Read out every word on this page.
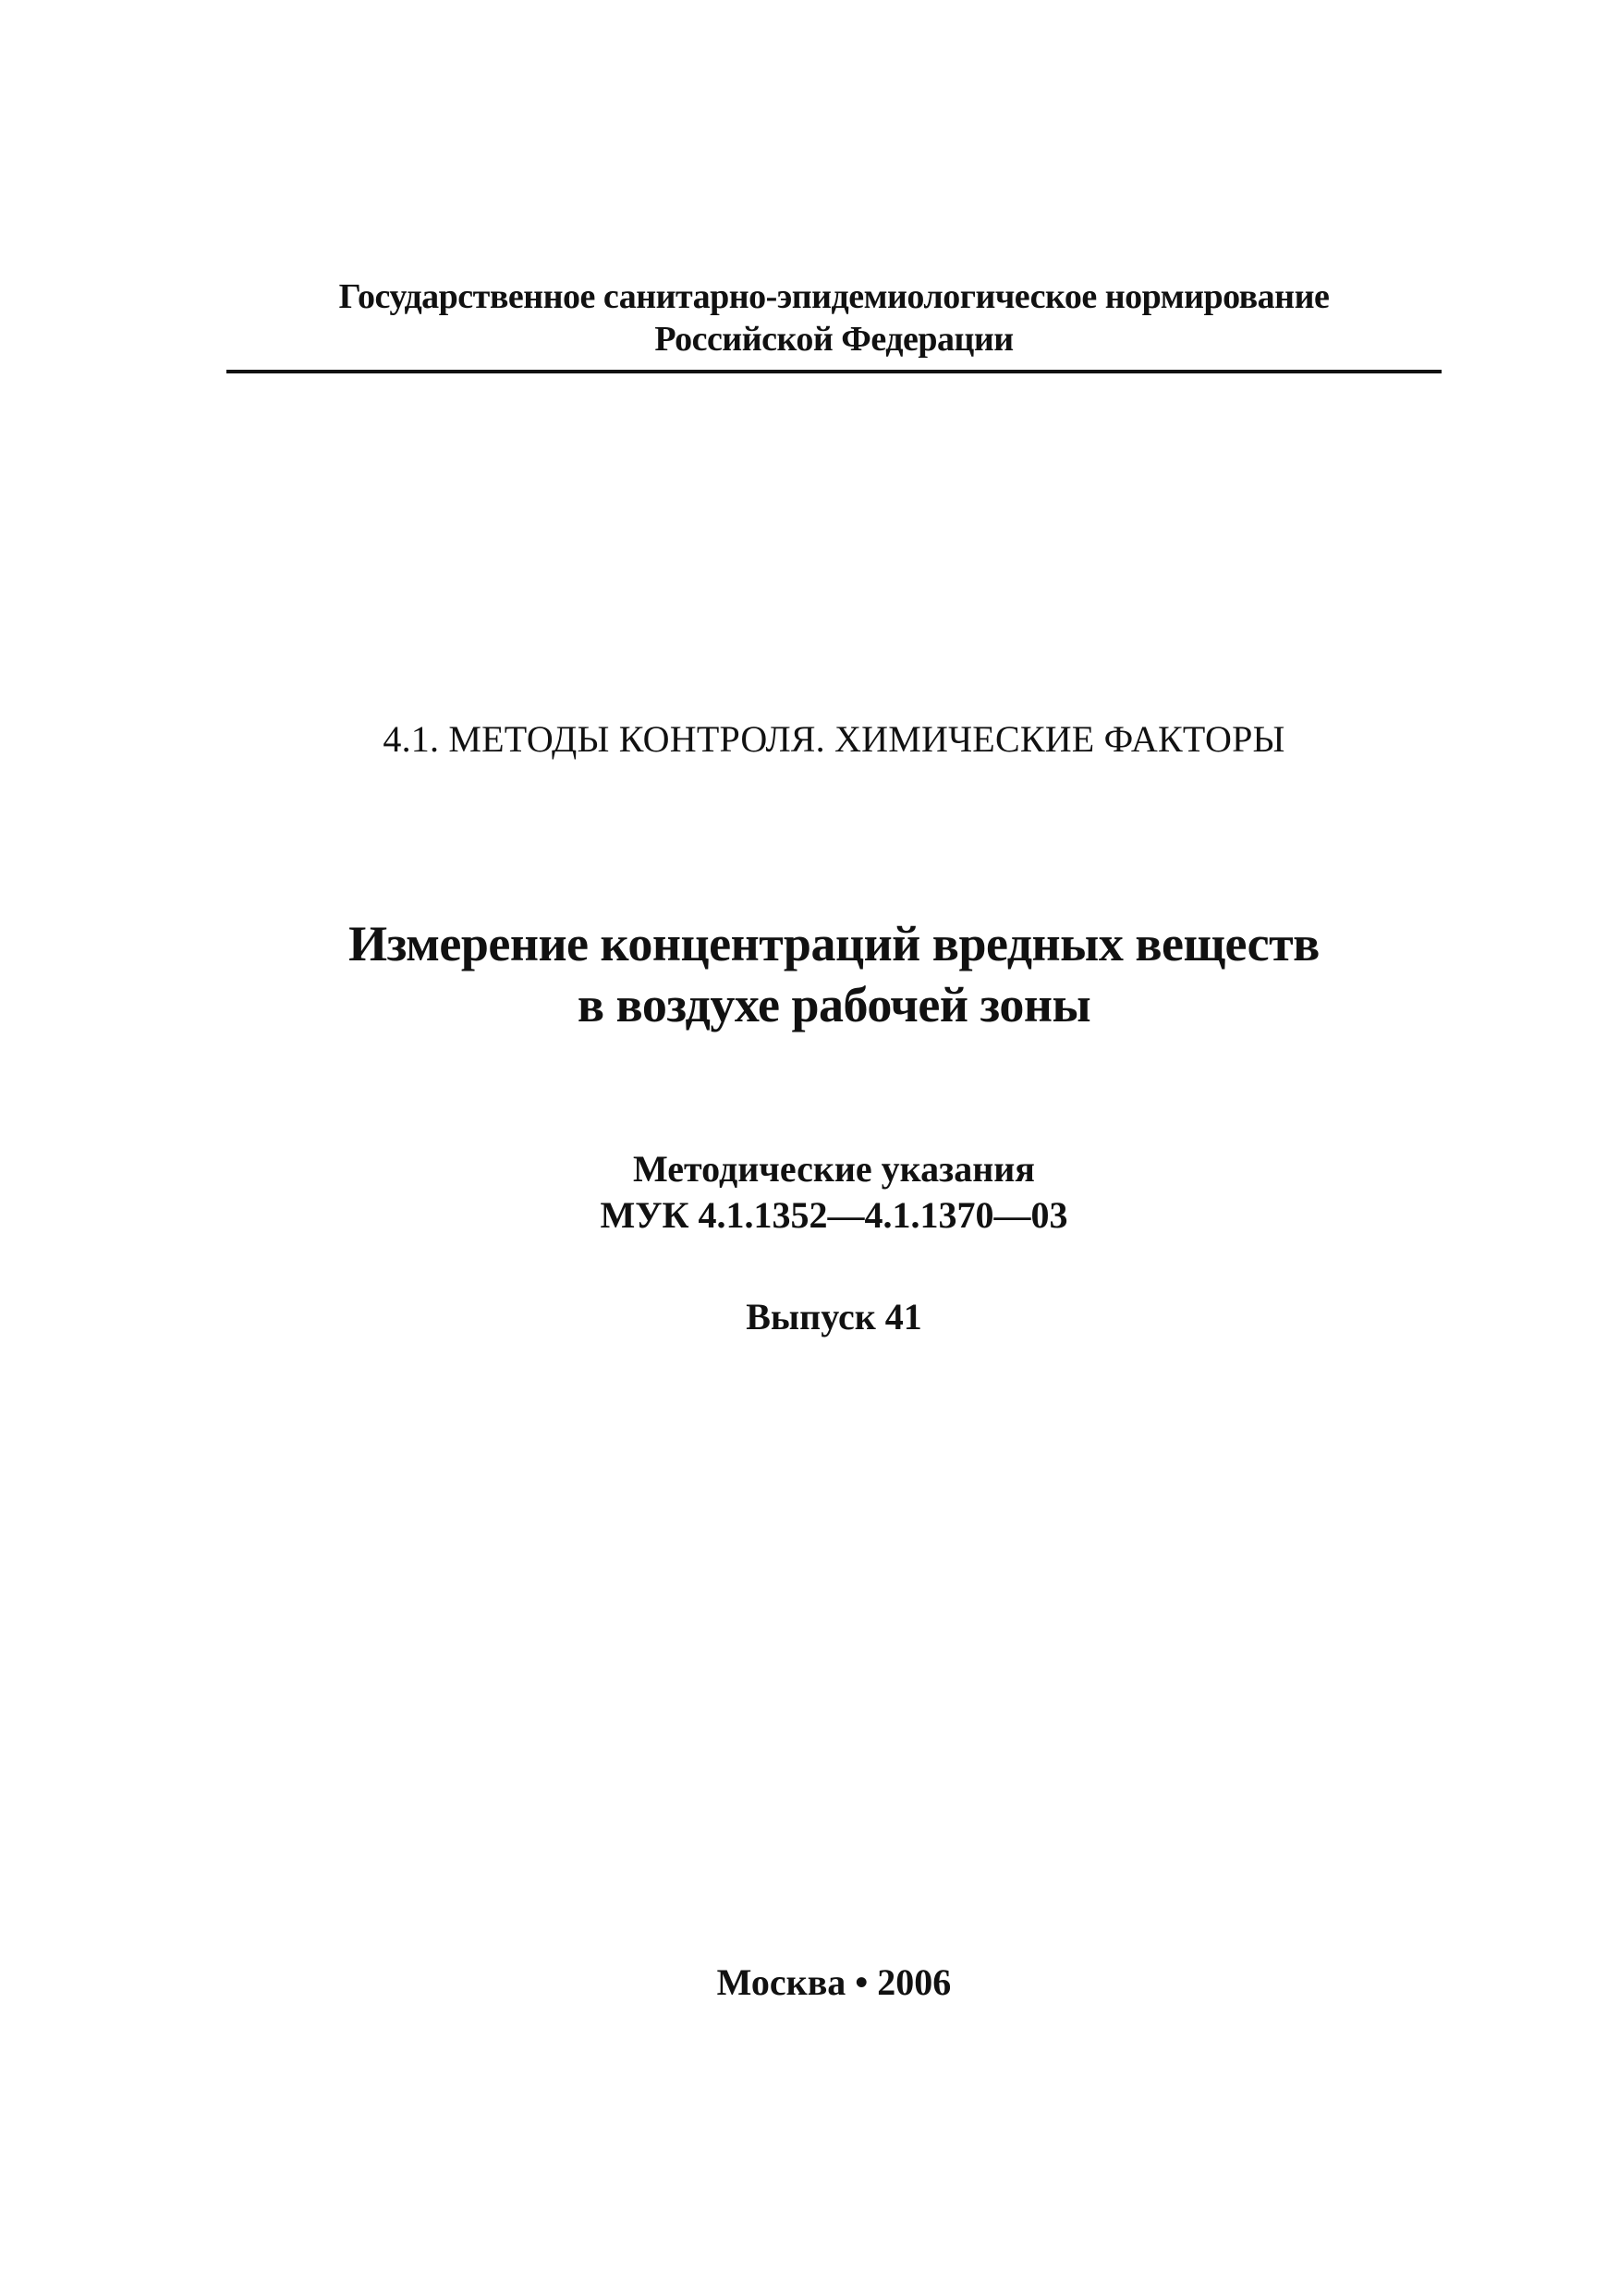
Государственное санитарно-эпидемиологическое нормирование
Российской Федерации
4.1. МЕТОДЫ КОНТРОЛЯ. ХИМИЧЕСКИЕ ФАКТОРЫ
Измерение концентраций вредных веществ
в воздухе рабочей зоны
Методические указания
МУК 4.1.1352—4.1.1370—03
Выпуск 41
Москва • 2006
